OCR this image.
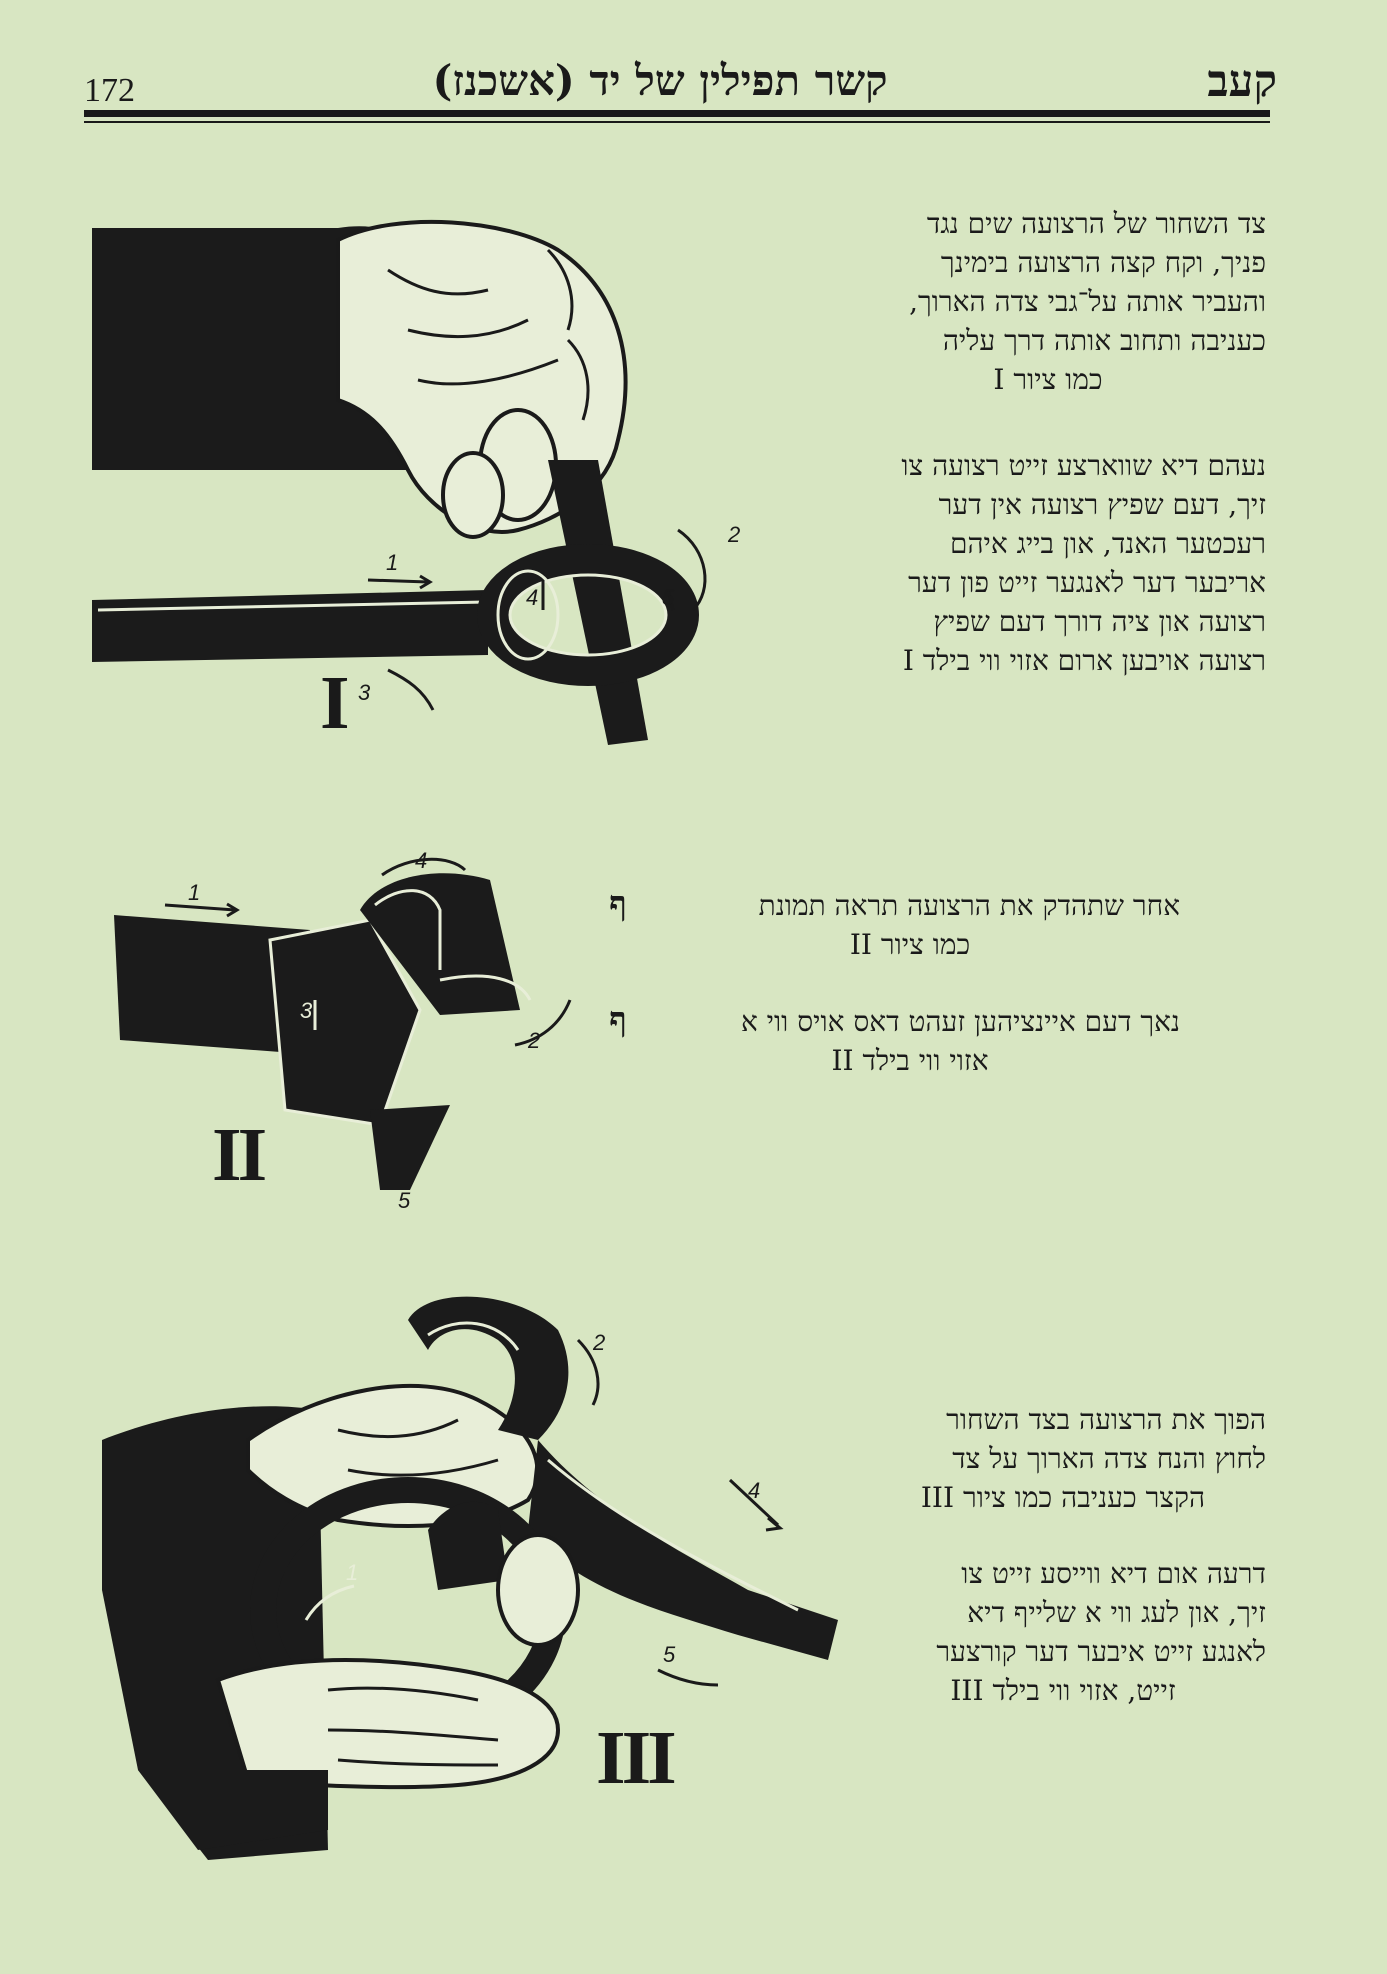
172	קשר תפילין של יד (אשכנז)	קעב
צד השחור של הרצועה שים נגד
פניך, וקח קצה הרצועה בימינך
והעביר אותה על־גבי צדה הארוך,
כעניבה ותחוב אותה דרך עליה
כמו ציור I
נעהם דיא שווארצע זייט רצועה צו
זיך, דעם שפיץ רצועה אין דער
רעכטער האנד, און בייג איהם
אריבער דער לאנגער זייט פון דער
רצועה און ציה דורך דעם שפיץ
רצועה אויבען ארום אזוי ווי בילד I
1
2
3
4	5
I
אחר שתהדק את הרצועה תראה תמונת
כמו ציור II
ף
נאך דעם איינציהען זעהט דאס אויס ווי א
אזוי ווי בילד II
ף
1
2
3
4
5
II
הפוך את הרצועה בצד השחור
לחוץ והנח צדה הארוך על צד
הקצר כעניבה כמו ציור III
דרעה אום דיא ווייסע זייט צו
זיך, און לעג ווי א שלייף דיא
לאנגע זייט איבער דער קורצער
זייט, אזוי ווי בילד III
1
2
4
5
III
